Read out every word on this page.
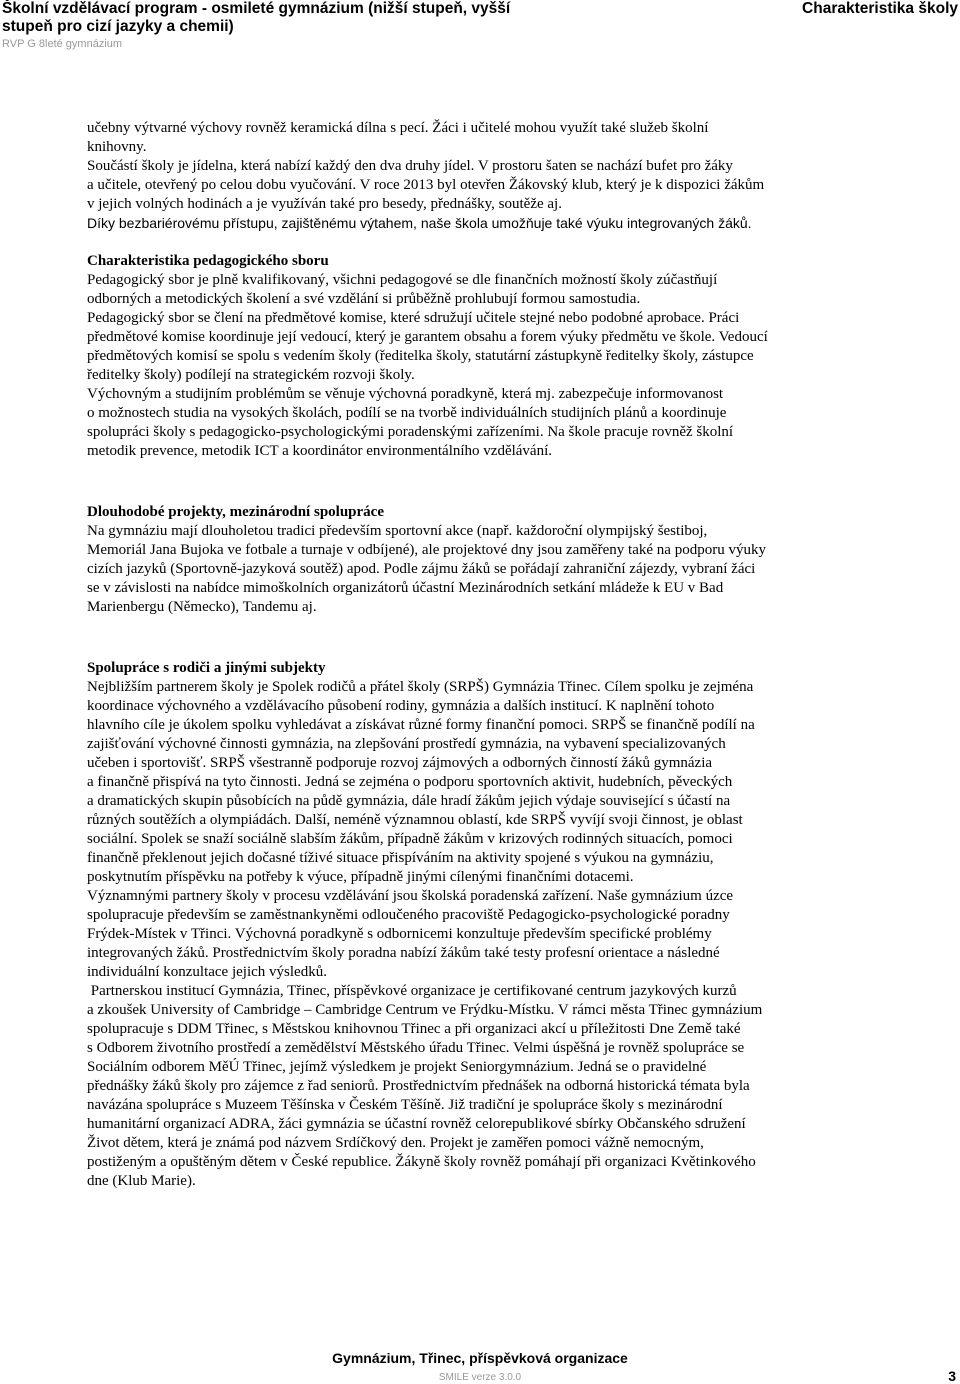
Školní vzdělávací program - osmileté gymnázium (nižší stupeň, vyšší
stupeň pro cizí jazyky a chemii)
RVP G 8leté gymnázium
Charakteristika školy

učebny výtvarné výchovy rovněž keramická dílna s pecí. Žáci i učitelé mohou využít také služeb školní

knihovny.

Součástí školy je jídelna, která nabízí každý den dva druhy jídel. V prostoru šaten se nachází bufet pro žáky

a učitele, otevřený po celou dobu vyučování. V roce 2013 byl otevřen Žákovský klub, který je k dispozici žákům

v jejich volných hodinách a je využíván také pro besedy, přednášky, soutěže aj.

Díky bezbariérovému přístupu, zajištěnému výtahem, naše škola umožňuje také výuku integrovaných žáků.

Charakteristika pedagogického sboru

Pedagogický sbor je plně kvalifikovaný, všichni pedagogové se dle finančních možností školy zúčastňují

odborných a metodických školení a své vzdělání si průběžně prohlubují formou samostudia.

Pedagogický sbor se člení na předmětové komise, které sdružují učitele stejné nebo podobné aprobace. Práci

předmětové komise koordinuje její vedoucí, který je garantem obsahu a forem výuky předmětu ve škole. Vedoucí

předmětových komisí se spolu s vedením školy (ředitelka školy, statutární zástupkyně ředitelky školy, zástupce

ředitelky školy) podílejí na strategickém rozvoji školy.

Výchovným a studijním problémům se věnuje výchovná poradkyně, která mj. zabezpečuje informovanost

o možnostech studia na vysokých školách, podílí se na tvorbě individuálních studijních plánů a koordinuje

spolupráci školy s pedagogicko-psychologickými poradenskými zařízeními. Na škole pracuje rovněž školní

metodik prevence, metodik ICT a koordinátor environmentálního vzdělávání.

Dlouhodobé projekty, mezinárodní spolupráce

Na gymnáziu mají dlouholetou tradici především sportovní akce (např. každoroční olympijský šestiboj,

Memoriál Jana Bujoka ve fotbale a turnaje v odbíjené), ale projektové dny jsou zaměřeny také na podporu výuky

cizích jazyků (Sportovně-jazyková soutěž) apod. Podle zájmu žáků se pořádají zahraniční zájezdy, vybraní žáci

se v závislosti na nabídce mimoškolních organizátorů účastní Mezinárodních setkání mládeže k EU v Bad

Marienbergu (Německo), Tandemu aj.

Spolupráce s rodiči a jinými subjekty

Nejbližším partnerem školy je Spolek rodičů a přátel školy (SRPŠ) Gymnázia Třinec. Cílem spolku je zejména

koordinace výchovného a vzdělávacího působení rodiny, gymnázia a dalších institucí. K naplnění tohoto

hlavního cíle je úkolem spolku vyhledávat a získávat různé formy finanční pomoci. SRPŠ se finančně podílí na

zajišťování výchovné činnosti gymnázia, na zlepšování prostředí gymnázia, na vybavení specializovaných

učeben i sportovišť. SRPŠ všestranně podporuje rozvoj zájmových a odborných činností žáků gymnázia

a finančně přispívá na tyto činnosti. Jedná se zejména o podporu sportovních aktivit, hudebních, pěveckých

a dramatických skupin působících na půdě gymnázia, dále hradí žákům jejich výdaje související s účastí na

různých soutěžích a olympiádách. Další, neméně významnou oblastí, kde SRPŠ vyvíjí svoji činnost, je oblast

sociální. Spolek se snaží sociálně slabším žákům, případně žákům v krizových rodinných situacích, pomoci

finančně překlenout jejich dočasné tíživé situace přispíváním na aktivity spojené s výukou na gymnáziu,

poskytnutím příspěvku na potřeby k výuce, případně jinými cílenými finančními dotacemi.

Významnými partnery školy v procesu vzdělávání jsou školská poradenská zařízení. Naše gymnázium úzce

spolupracuje především se zaměstnankyněmi odloučeného pracoviště Pedagogicko-psychologické poradny

Frýdek-Místek v Třinci. Výchovná poradkyně s odbornicemi konzultuje především specifické problémy

integrovaných žáků. Prostřednictvím školy poradna nabízí žákům také testy profesní orientace a následné

individuální konzultace jejich výsledků.

Partnerskou institucí Gymnázia, Třinec, příspěvkové organizace je certifikované centrum jazykových kurzů

a zkoušek University of Cambridge – Cambridge Centrum ve Frýdku-Místku. V rámci města Třinec gymnázium

spolupracuje s DDM Třinec, s Městskou knihovnou Třinec a při organizaci akcí u příležitosti Dne Země také

s Odborem životního prostředí a zemědělství Městského úřadu Třinec. Velmi úspěšná je rovněž spolupráce se

Sociálním odborem MěÚ Třinec, jejímž výsledkem je projekt Seniorgymnázium. Jedná se o pravidelné

přednášky žáků školy pro zájemce z řad seniorů. Prostřednictvím přednášek na odborná historická témata byla

navázána spolupráce s Muzeem Těšínska v Českém Těšíně. Již tradiční je spolupráce školy s mezinárodní

humanitární organizací ADRA, žáci gymnázia se účastní rovněž celorepublikové sbírky Občanského sdružení

Život dětem, která je známá pod názvem Srdíčkový den. Projekt je zaměřen pomoci vážně nemocným,

postiženým a opuštěným dětem v České republice. Žákyně školy rovněž pomáhají při organizaci Květinkového

dne (Klub Marie).

Gymnázium, Třinec, příspěvková organizace
SMILE verze 3.0.0	3
